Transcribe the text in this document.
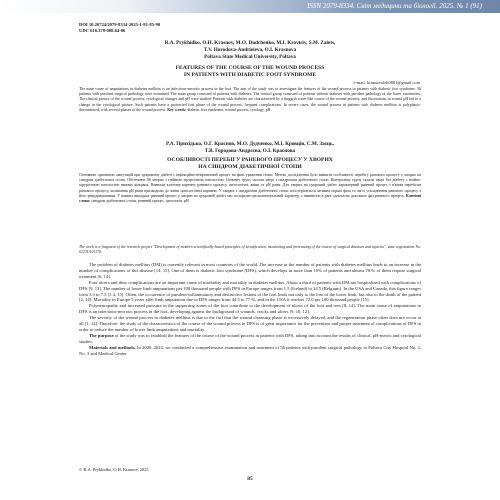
ISSN 2079-8334. Світ медицини та біології. 2025. № 1 (91)
DOI 10.26724/2079-8334-2025-1-91-85-90
UDC 616.379-008.64-06
R.A. Prykhidko, O.H. Krasnov, M.O. Dudchenko, M.I. Krovtsiv, S.M. Zaiets,
T.V. Horodova-Andrieieva, O.I. Krasnova
Poltava State Medical University, Poltava
FEATURES OF THE COURSE OF THE WOUND PROCESS
IN PATIENTS WITH DIABETIC FOOT SYNDROME
e-mail: krasnovoleh0801@gmail.com

The main cause of amputations in diabetes mellitus is an infectious-necrotic process in the foot. The aim of the study was to investigate the features of the wound process in patients with diabetic foot syndrome. 56 patients with purulent surgical pathology were examined. The main group consisted of patients with diabetes. The control group consisted of patients without diabetes with purulent pathology of the lower extremities. The clinical picture of the wound process, cytological changes and pH were studied. Patients with diabetes are characterized by a sluggish wave-like course of the wound process, and fluctuations in wound pH led to a change in the cytological picture. Such patients have a protracted first phase of the wound process, frequent complications. In severe cases, the wound process in patients with diabetes mellitus is polyphasic-discontinued, with several phases of the wound process. Key words: diabetic foot syndrome, wound process, cytology, pH

Р.А. Прихідько, О.Г. Краснов, М.О. Дудченко, М.І. Кровців, С.М. Заєць,
Т.В. Городова-Андрєєва, О.І. Краснова
ОСОБЛИВОСТІ ПЕРЕБІГУ РАНЕВОГО ПРОЦЕСУ У ХВОРИХ
НА СИНДРОМ ДІАБЕТИЧНОЇ СТОПИ

Основною причиною ампутацій при цукровому діабеті є інфекційно-некротичний процес на фоні ураження стопи. Метою дослідження було вивчити особливості перебігу ранового процесу у хворих на синдром діабетичної стопи. Обстежено 56 хворих з гнійною хірургічною патологією. Основну групу склали хворі з синдромом діабетичної стопи. Контрольну групу склали хворі без діабету з гнійно-хірургічною патологією нижніх кінцівок. Вивчали клінічну картину раневого процесу, цитологічні зміни та рН рани. Для хворих на цукровий діабет характерний раневий процес з в'ялим перебігом ранового процесу, коливання рН рани призводили до зміни цитологічної картини. У хворих з синдромом діабетичної стопи спостерігається затяжна перша фаза та часті ускладнення ранового процесу з його рецидивуванням. У важких випадках раневий процес у хворих на цукровий діабет має поліфазно-дисконтинуальний характер, з наявністю в ранi одночасно декількох фаз раневого процесу. Ключові слова: синдром діабетичної стопи, раневий процес, цитологія, рН

The work is a fragment of the research project "Development of modern scientifically based principles of stratification, monitoring and forecasting of the course of surgical diseases and injuries", state registration No. 0123U101176.

The problem of diabetes mellitus (DM) is currently relevant in most countries of the world. The increase in the number of patients with diabetes mellitus leads to an increase in the number of complications of this disease [14, 15]. One of them is diabetic foot syndrome (DFS), which develops in more than 10% of patients and almost 70 % of them require surgical treatment [6, 14].

Foot ulcers and their complications are an important cause of morbidity and mortality in diabetes mellitus. About a third of patients with DM are hospitalized with complications of DFS [9, 13]. The number of lower limb amputations per 100 thousand people with DFS in Europe ranges from 1.5 (Iceland) to 34.5 (Belgium). In the USA and Canada, this figure ranges from 3.3 to 7.5 [1 4, 15]. Often, the occurrence of purulent-inflammatory and destructive lesions of the foot leads not only to the loss of the lower limb, but also to the death of the patient [2, 14]. Mortality in Europe 5 years after limb amputation due to DFS ranges from 44.5 to 77 %, and in the USA it reaches 72.0 per 100 thousand people [15].

Polyneuropathy and increased pressure in the supporting zones of the foot contribute to the development of ulcers of the foot and toes [8, 14]. The main cause of amputations in DFS is an infectious-necrotic process in the foot, developing against the background of wounds, cracks and ulcers [9, 10, 12].

The severity of the wound process in diabetes mellitus is due to the fact that the wound cleansing phase is excessively delayed, and the regeneration phase often does not occur at all [1, 12]. Therefore, the study of the characteristics of the course of the wound process in DFS is of great importance for the prevention and proper treatment of complications of DFS in order to reduce the number of lower limb amputations and mortality.

The purpose of the study was to establish the features of the course of the wound process in patients with DFS, taking into account the results of clinical, pH-metric and cytological studies.

Materials and methods. In 2020–2024, we conducted a comprehensive examination and treatment of 56 patients with purulent surgical pathology in Poltava City Hospital No. 2, No. 3 and Medical Center

© R.A. Prykhidko, O.H. Krasnov, 2025
85
